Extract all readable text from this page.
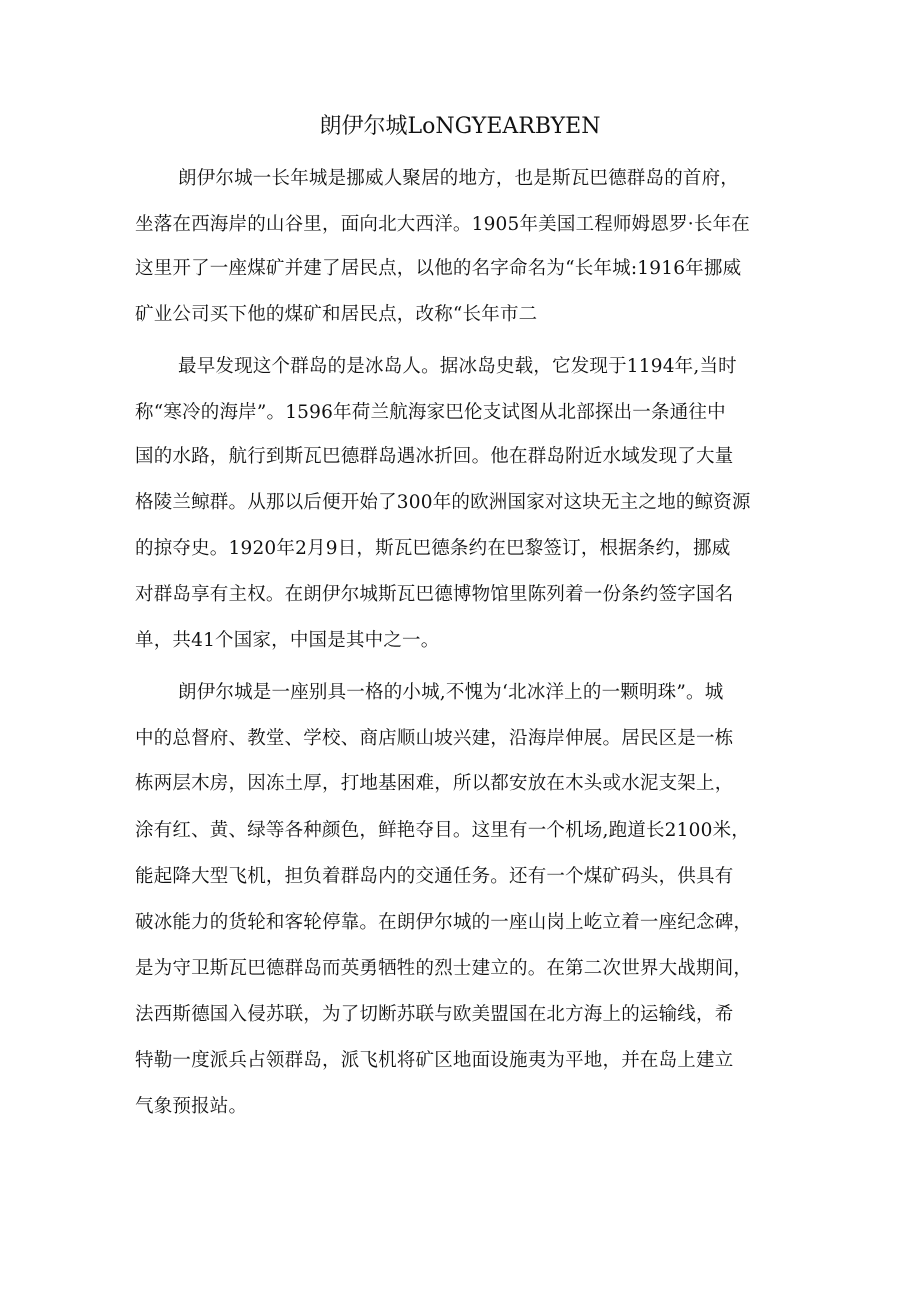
朗伊尔城LoNGYEARBYEN
朗伊尔城一长年城是挪威人聚居的地方，也是斯瓦巴德群岛的首府，
坐落在西海岸的山谷里，面向北大西洋。1905年美国工程师姆恩罗·长年在
这里开了一座煤矿并建了居民点，以他的名字命名为“长年城:1916年挪威
矿业公司买下他的煤矿和居民点，改称“长年市二
最早发现这个群岛的是冰岛人。据冰岛史载，它发现于1194年,当时
称“寒冷的海岸”。1596年荷兰航海家巴伦支试图从北部探出一条通往中
国的水路，航行到斯瓦巴德群岛遇冰折回。他在群岛附近水域发现了大量
格陵兰鲸群。从那以后便开始了300年的欧洲国家对这块无主之地的鲸资源
的掠夺史。1920年2月9日，斯瓦巴德条约在巴黎签订，根据条约，挪威
对群岛享有主权。在朗伊尔城斯瓦巴德博物馆里陈列着一份条约签字国名
单，共41个国家，中国是其中之一。
朗伊尔城是一座别具一格的小城,不愧为‘北冰洋上的一颗明珠”。城
中的总督府、教堂、学校、商店顺山坡兴建，沿海岸伸展。居民区是一栋
栋两层木房，因冻土厚，打地基困难，所以都安放在木头或水泥支架上，
涂有红、黄、绿等各种颜色，鲜艳夺目。这里有一个机场,跑道长2100米，
能起降大型飞机，担负着群岛内的交通任务。还有一个煤矿码头，供具有
破冰能力的货轮和客轮停靠。在朗伊尔城的一座山岗上屹立着一座纪念碑，
是为守卫斯瓦巴德群岛而英勇牺牲的烈士建立的。在第二次世界大战期间，
法西斯德国入侵苏联，为了切断苏联与欧美盟国在北方海上的运输线，希
特勒一度派兵占领群岛，派飞机将矿区地面设施夷为平地，并在岛上建立
气象预报站。
